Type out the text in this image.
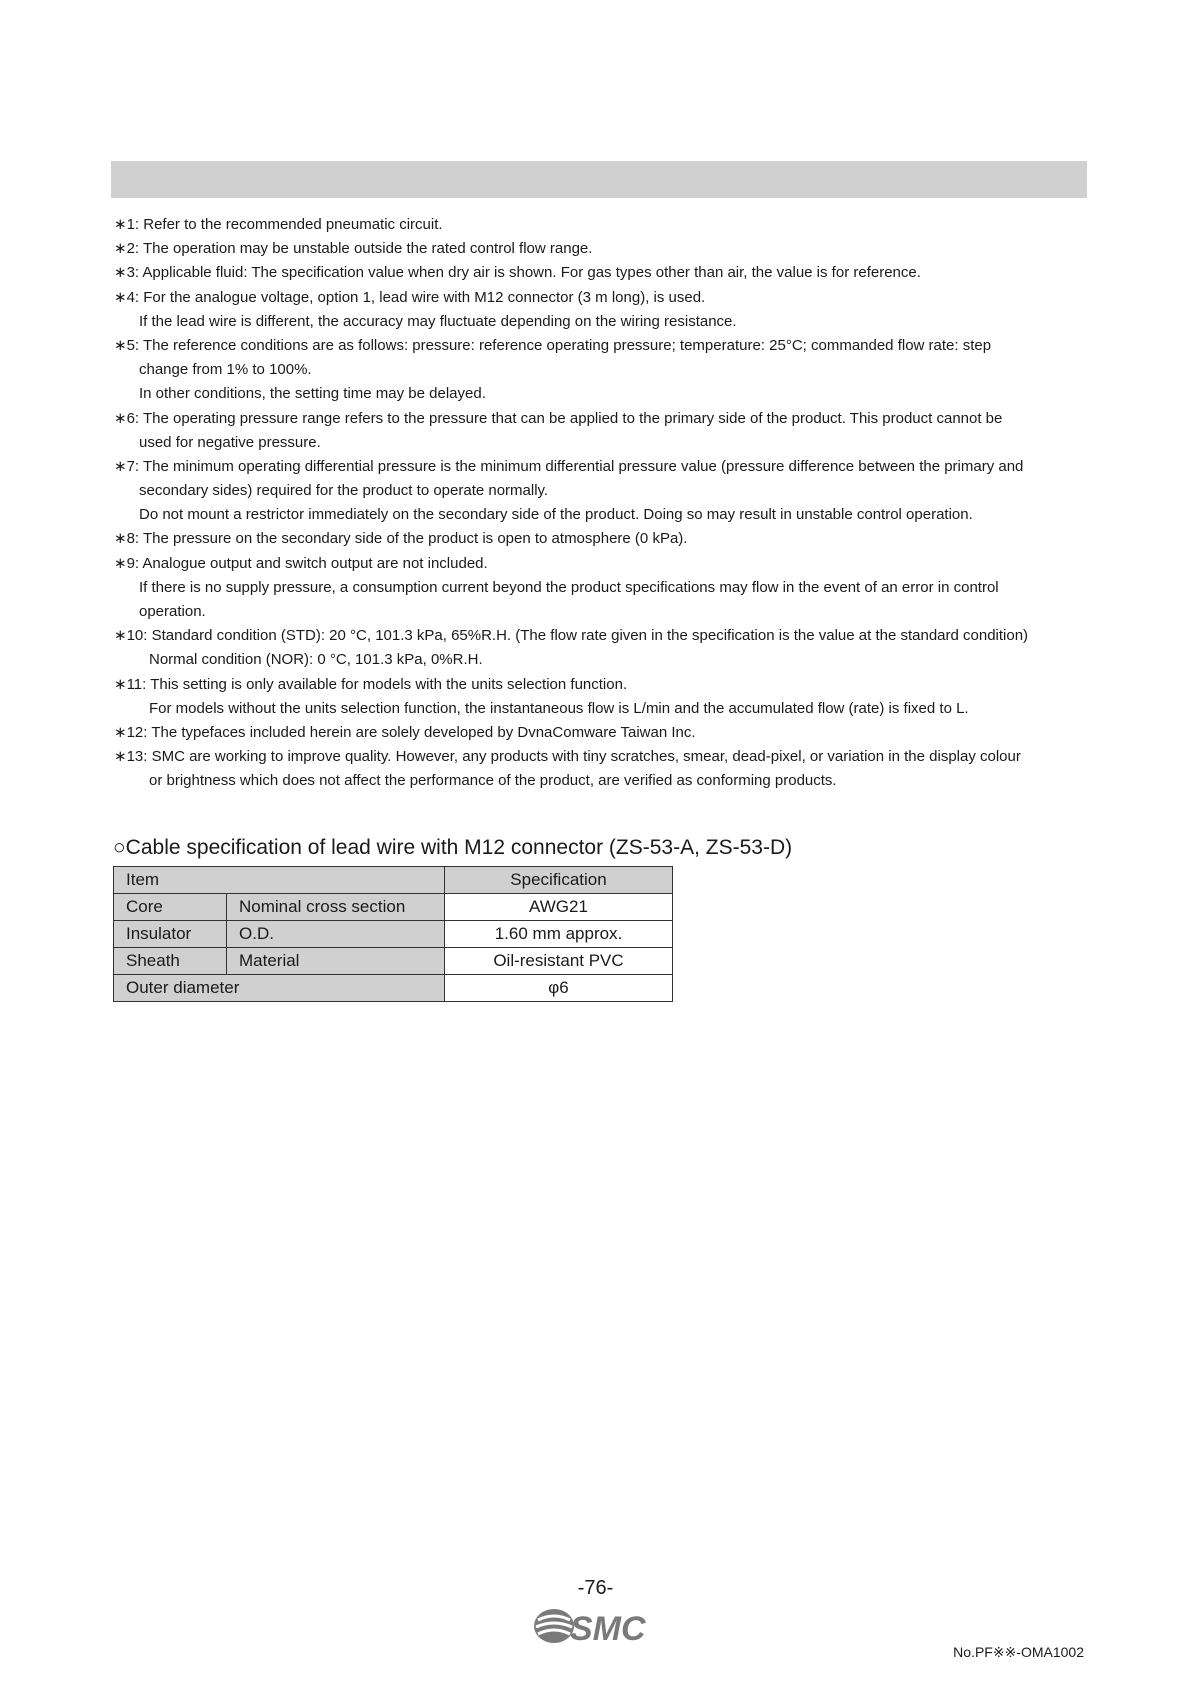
∗1: Refer to the recommended pneumatic circuit.
∗2: The operation may be unstable outside the rated control flow range.
∗3: Applicable fluid: The specification value when dry air is shown. For gas types other than air, the value is for reference.
∗4: For the analogue voltage, option 1, lead wire with M12 connector (3 m long), is used.
If the lead wire is different, the accuracy may fluctuate depending on the wiring resistance.
∗5: The reference conditions are as follows: pressure: reference operating pressure; temperature: 25°C; commanded flow rate: step
change from 1% to 100%.
In other conditions, the setting time may be delayed.
∗6: The operating pressure range refers to the pressure that can be applied to the primary side of the product. This product cannot be
used for negative pressure.
∗7: The minimum operating differential pressure is the minimum differential pressure value (pressure difference between the primary and
secondary sides) required for the product to operate normally.
Do not mount a restrictor immediately on the secondary side of the product. Doing so may result in unstable control operation.
∗8: The pressure on the secondary side of the product is open to atmosphere (0 kPa).
∗9: Analogue output and switch output are not included.
If there is no supply pressure, a consumption current beyond the product specifications may flow in the event of an error in control
operation.
∗10: Standard condition (STD): 20 °C, 101.3 kPa, 65%R.H. (The flow rate given in the specification is the value at the standard condition)
Normal condition (NOR): 0 °C, 101.3 kPa, 0%R.H.
∗11: This setting is only available for models with the units selection function.
For models without the units selection function, the instantaneous flow is L/min and the accumulated flow (rate) is fixed to L.
∗12: The typefaces included herein are solely developed by DvnaComware Taiwan Inc.
∗13: SMC are working to improve quality. However, any products with tiny scratches, smear, dead-pixel, or variation in the display colour
or brightness which does not affect the performance of the product, are verified as conforming products.
○Cable specification of lead wire with M12 connector (ZS-53-A, ZS-53-D)
Item		Specification
Core	Nominal cross section	AWG21
Insulator	O.D.	1.60 mm approx.
Sheath	Material	Oil-resistant PVC
Outer diameter		φ6
-76-
SMC
No.PF※※-OMA1002
